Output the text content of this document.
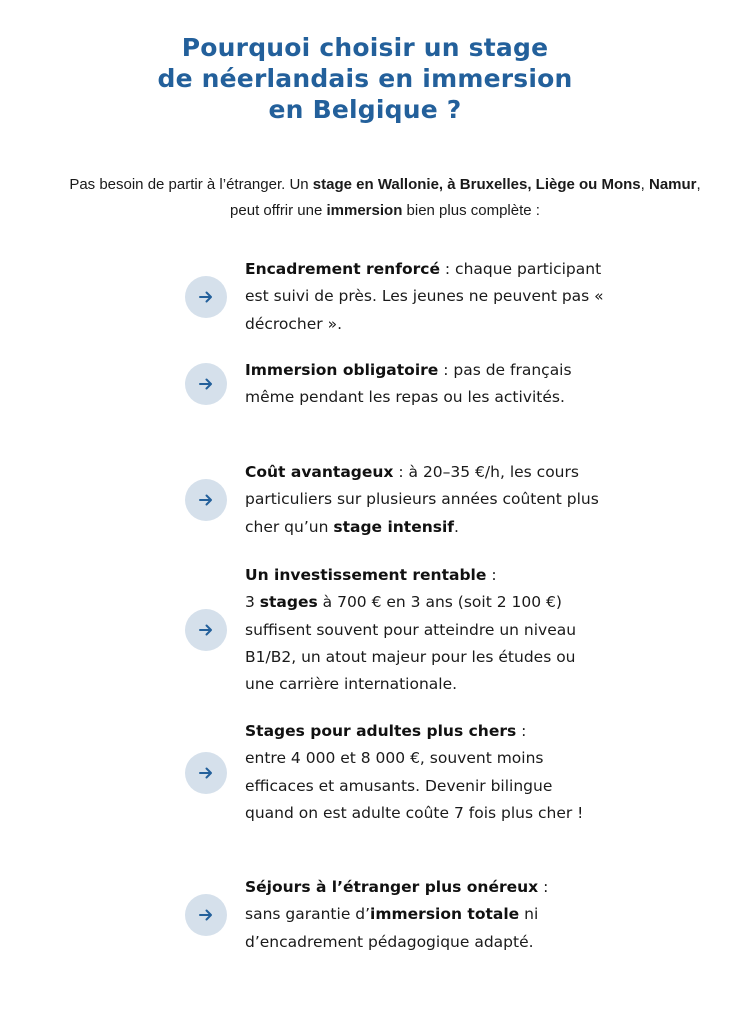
Pourquoi choisir un stage
de néerlandais en immersion
en Belgique ?

Pas besoin de partir à l’étranger. Un stage en Wallonie, à Bruxelles, Liège ou Mons, Namur, peut offrir une immersion bien plus complète :

Encadrement renforcé : chaque participant est suivi de près. Les jeunes ne peuvent pas « décrocher ».
Immersion obligatoire : pas de français même pendant les repas ou les activités.
Coût avantageux : à 20–35 €/h, les cours particuliers sur plusieurs années coûtent plus cher qu’un stage intensif.
Un investissement rentable :
3 stages à 700 € en 3 ans (soit 2 100 €) suffisent souvent pour atteindre un niveau B1/B2, un atout majeur pour les études ou une carrière internationale.
Stages pour adultes plus chers :
entre 4 000 et 8 000 €, souvent moins efficaces et amusants. Devenir bilingue quand on est adulte coûte 7 fois plus cher !
Séjours à l’étranger plus onéreux :
sans garantie d’immersion totale ni d’encadrement pédagogique adapté.
